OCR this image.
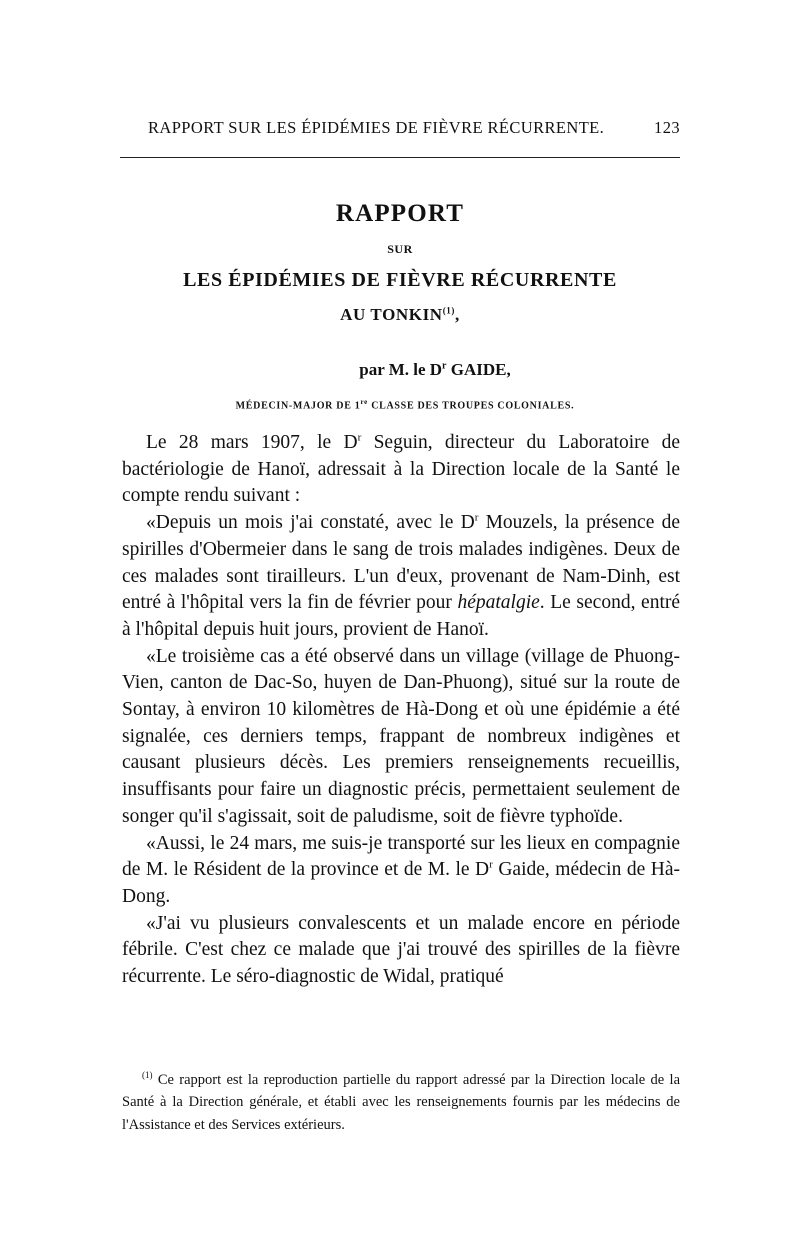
RAPPORT SUR LES ÉPIDÉMIES DE FIÈVRE RÉCURRENTE.	123
RAPPORT
SUR
LES ÉPIDÉMIES DE FIÈVRE RÉCURRENTE
AU TONKIN$^{(1)}$,
par M. le $D^r$ GAIDE,
MÉDECIN-MAJOR DE 1re CLASSE DES TROUPES COLONIALES.

Le 28 mars 1907, le $D^r$ Seguin, directeur du Laboratoire de bactériologie de Hanoï, adressait à la Direction locale de la Santé le compte rendu suivant :

«Depuis un mois j'ai constaté, avec le $D^r$ Mouzels, la présence de spirilles d'Obermeier dans le sang de trois malades indigènes. Deux de ces malades sont tirailleurs. L'un d'eux, provenant de Nam-Dinh, est entré à l'hôpital vers la fin de février pour hépatalgie. Le second, entré à l'hôpital depuis huit jours, provient de Hanoï.

«Le troisième cas a été observé dans un village (village de Phuong-Vien, canton de Dac-So, huyen de Dan-Phuong), situé sur la route de Sontay, à environ 10 kilomètres de Hà-Dong et où une épidémie a été signalée, ces derniers temps, frappant de nombreux indigènes et causant plusieurs décès. Les premiers renseignements recueillis, insuffisants pour faire un diagnostic précis, permettaient seulement de songer qu'il s'agissait, soit de paludisme, soit de fièvre typhoïde.

«Aussi, le 24 mars, me suis-je transporté sur les lieux en compagnie de M. le Résident de la province et de M. le $D^r$ Gaide, médecin de Hà-Dong.

«J'ai vu plusieurs convalescents et un malade encore en période fébrile. C'est chez ce malade que j'ai trouvé des spirilles de la fièvre récurrente. Le séro-diagnostic de Widal, pratiqué

$^{(1)}$ Ce rapport est la reproduction partielle du rapport adressé par la Direction locale de la Santé à la Direction générale, et établi avec les renseignements fournis par les médecins de l'Assistance et des Services extérieurs.
